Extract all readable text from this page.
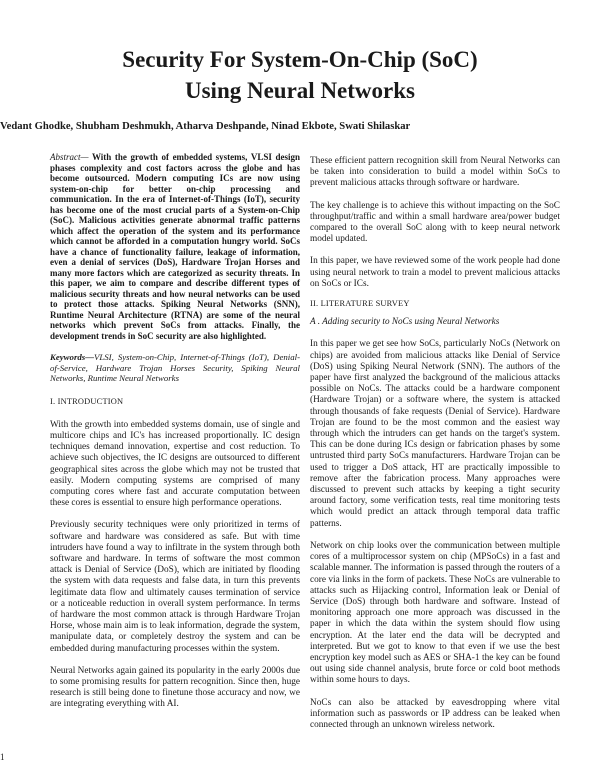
Security For System-On-Chip (SoC)
Using Neural Networks

Vedant Ghodke, Shubham Deshmukh, Atharva Deshpande, Ninad Ekbote, Swati Shilaskar

Abstract— With the growth of embedded systems, VLSI design phases complexity and cost factors across the globe and has become outsourced. Modern computing ICs are now using system-on-chip for better on-chip processing and communication. In the era of Internet-of-Things (IoT), security has become one of the most crucial parts of a System-on-Chip (SoC). Malicious activities generate abnormal traffic patterns which affect the operation of the system and its performance which cannot be afforded in a computation hungry world. SoCs have a chance of functionality failure, leakage of information, even a denial of services (DoS), Hardware Trojan Horses and many more factors which are categorized as security threats. In this paper, we aim to compare and describe different types of malicious security threats and how neural networks can be used to protect those attacks. Spiking Neural Networks (SNN), Runtime Neural Architecture (RTNA) are some of the neural networks which prevent SoCs from attacks. Finally, the development trends in SoC security are also highlighted.

Keywords—VLSI, System-on-Chip, Internet-of-Things (IoT), Denial-of-Service, Hardware Trojan Horses Security, Spiking Neural Networks, Runtime Neural Networks

I. INTRODUCTION

With the growth into embedded systems domain, use of single and multicore chips and IC's has increased proportionally. IC design techniques demand innovation, expertise and cost reduction. To achieve such objectives, the IC designs are outsourced to different geographical sites across the globe which may not be trusted that easily. Modern computing systems are comprised of many computing cores where fast and accurate computation between these cores is essential to ensure high performance operations.

Previously security techniques were only prioritized in terms of software and hardware was considered as safe. But with time intruders have found a way to infiltrate in the system through both software and hardware. In terms of software the most common attack is Denial of Service (DoS), which are initiated by flooding the system with data requests and false data, in turn this prevents legitimate data flow and ultimately causes termination of service or a noticeable reduction in overall system performance. In terms of hardware the most common attack is through Hardware Trojan Horse, whose main aim is to leak information, degrade the system, manipulate data, or completely destroy the system and can be embedded during manufacturing processes within the system.

Neural Networks again gained its popularity in the early 2000s due to some promising results for pattern recognition. Since then, huge research is still being done to finetune those accuracy and now, we are integrating everything with AI.

These efficient pattern recognition skill from Neural Networks can be taken into consideration to build a model within SoCs to prevent malicious attacks through software or hardware.

The key challenge is to achieve this without impacting on the SoC throughput/traffic and within a small hardware area/power budget compared to the overall SoC along with to keep neural network model updated.

In this paper, we have reviewed some of the work people had done using neural network to train a model to prevent malicious attacks on SoCs or ICs.

II. LITERATURE SURVEY

A . Adding security to NoCs using Neural Networks

In this paper we get see how SoCs, particularly NoCs (Network on chips) are avoided from malicious attacks like Denial of Service (DoS) using Spiking Neural Network (SNN). The authors of the paper have first analyzed the background of the malicious attacks possible on NoCs. The attacks could be a hardware component (Hardware Trojan) or a software where, the system is attacked through thousands of fake requests (Denial of Service). Hardware Trojan are found to be the most common and the easiest way through which the intruders can get hands on the target's system. This can be done during ICs design or fabrication phases by some untrusted third party SoCs manufacturers. Hardware Trojan can be used to trigger a DoS attack, HT are practically impossible to remove after the fabrication process. Many approaches were discussed to prevent such attacks by keeping a tight security around factory, some verification tests, real time monitoring tests which would predict an attack through temporal data traffic patterns.

Network on chip looks over the communication between multiple cores of a multiprocessor system on chip (MPSoCs) in a fast and scalable manner. The information is passed through the routers of a core via links in the form of packets. These NoCs are vulnerable to attacks such as Hijacking control, Information leak or Denial of Service (DoS) through both hardware and software. Instead of monitoring approach one more approach was discussed in the paper in which the data within the system should flow using encryption. At the later end the data will be decrypted and interpreted. But we got to know to that even if we use the best encryption key model such as AES or SHA-1 the key can be found out using side channel analysis, brute force or cold boot methods within some hours to days.

NoCs can also be attacked by eavesdropping where vital information such as passwords or IP address can be leaked when connected through an unknown wireless network.

1
